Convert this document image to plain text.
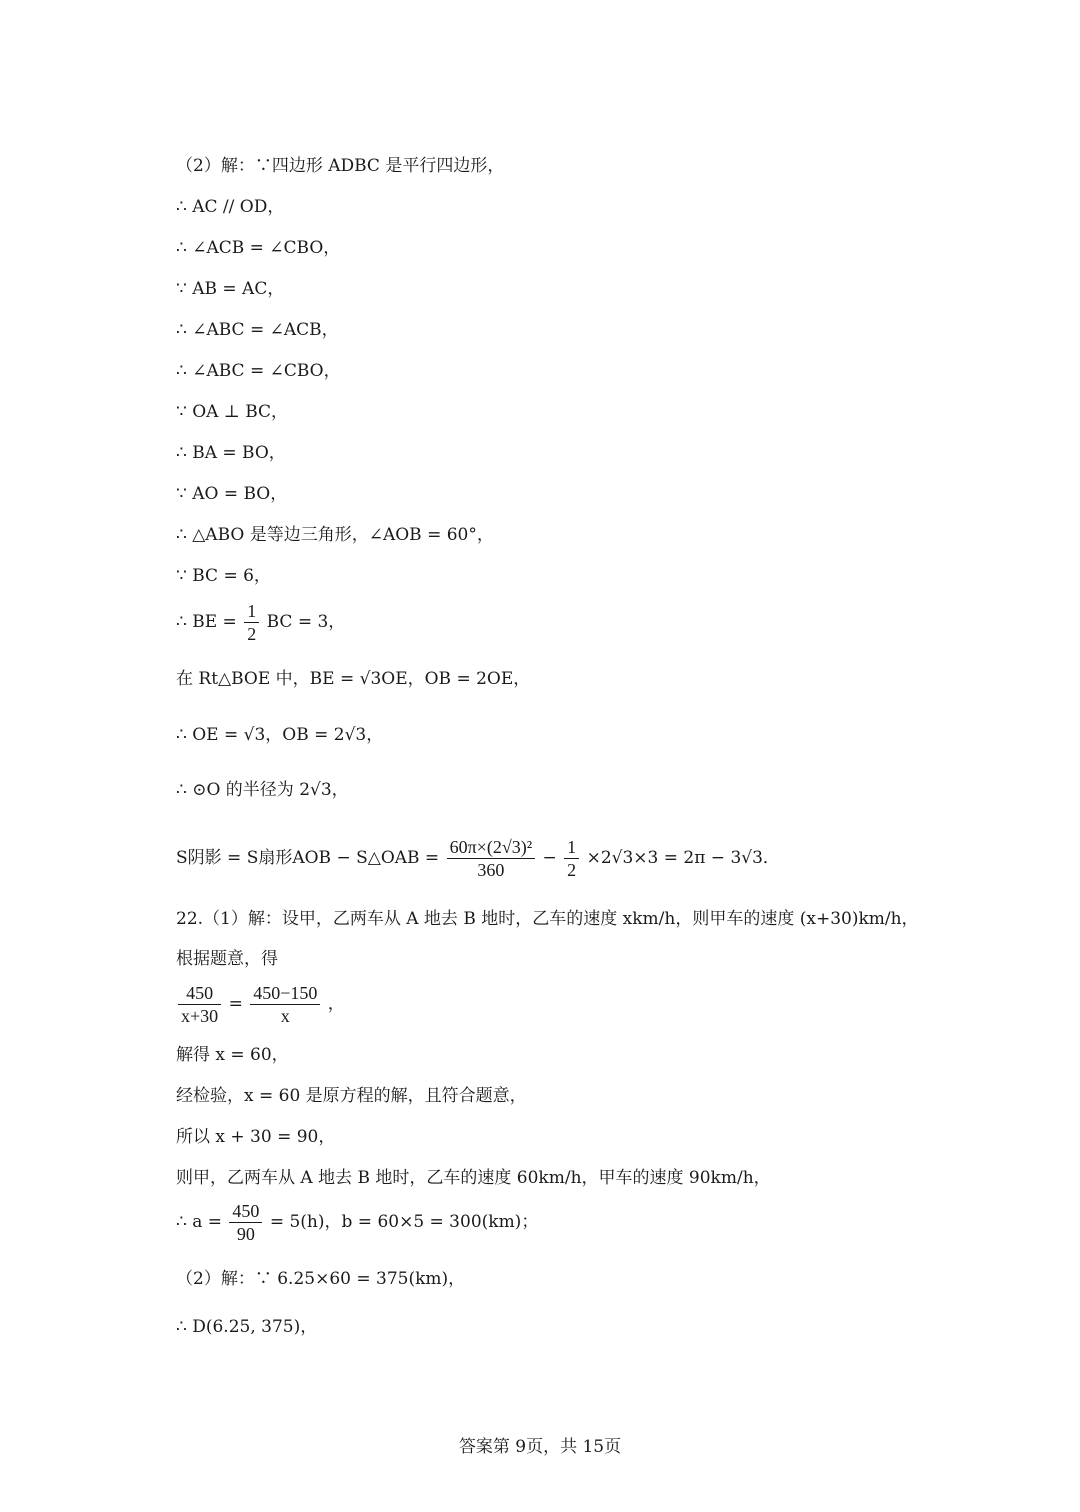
（2）解：∵四边形 ADBC 是平行四边形，
∴ AC // OD，
∴ ∠ACB = ∠CBO，
∵ AB = AC，
∴ ∠ABC = ∠ACB，
∴ ∠ABC = ∠CBO，
∵ OA ⊥ BC，
∴ BA = BO，
∵ AO = BO，
∴ △ABO 是等边三角形，∠AOB = 60°，
∵ BC = 6，
∴ BE = $\frac{1}{2}$ BC = 3，
在 Rt△BOE 中，BE = √3OE，OB = 2OE，
∴ OE = √3，OB = 2√3，
∴ ⊙O 的半径为 2√3，
S阴影 = S扇形AOB − S△OAB = $\frac{\text{60π×(2√3)²}}{360} - \frac{1}{2} \times 2√3\times 3 = 2\pi - 3√3$．
22.（1）解：设甲，乙两车从 A 地去 B 地时，乙车的速度 xkm/h，则甲车的速度 (x+30)km/h，
根据题意，得
$\frac{450}{x+30} = \frac{450-150}{x}$ ，
解得 x = 60，
经检验，x = 60 是原方程的解，且符合题意，
所以 x + 30 = 90，
则甲，乙两车从 A 地去 B 地时，乙车的速度 60km/h，甲车的速度 90km/h，
∴ $a = \frac{450}{90} = 5(h)$，b = 60×5 = 300(km)；
（2）解：∵ 6.25×60 = 375(km)，
∴ D(6.25, 375)，
答案第 9页，共 15页
